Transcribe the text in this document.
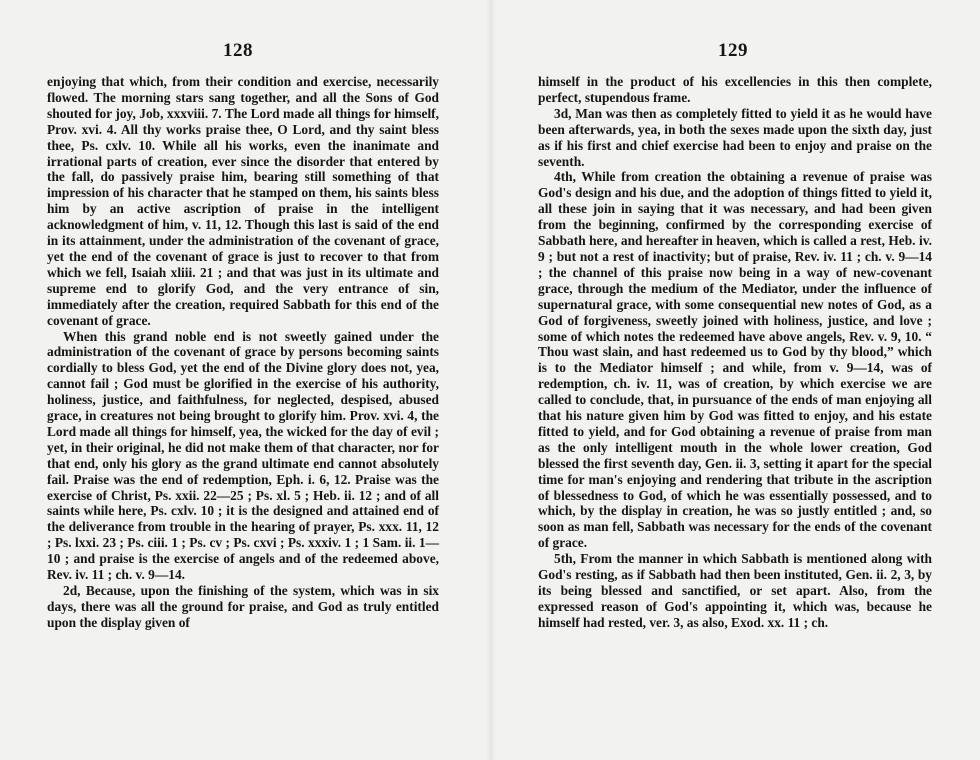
128

enjoying that which, from their condition and exercise, necessarily flowed. The morning stars sang together, and all the Sons of God shouted for joy, Job, xxxviii. 7. The Lord made all things for himself, Prov. xvi. 4. All thy works praise thee, O Lord, and thy saint bless thee, Ps. cxlv. 10. While all his works, even the inanimate and irrational parts of creation, ever since the disorder that entered by the fall, do passively praise him, bearing still something of that impression of his character that he stamped on them, his saints bless him by an active ascription of praise in the intelligent acknowledgment of him, v. 11, 12. Though this last is said of the end in its attainment, under the administration of the covenant of grace, yet the end of the covenant of grace is just to recover to that from which we fell, Isaiah xliii. 21 ; and that was just in its ultimate and supreme end to glorify God, and the very entrance of sin, immediately after the creation, required Sabbath for this end of the covenant of grace.

When this grand noble end is not sweetly gained under the administration of the covenant of grace by persons becoming saints cordially to bless God, yet the end of the Divine glory does not, yea, cannot fail ; God must be glorified in the exercise of his authority, holiness, justice, and faithfulness, for neglected, despised, abused grace, in creatures not being brought to glorify him. Prov. xvi. 4, the Lord made all things for himself, yea, the wicked for the day of evil ; yet, in their original, he did not make them of that character, nor for that end, only his glory as the grand ultimate end cannot absolutely fail. Praise was the end of redemption, Eph. i. 6, 12. Praise was the exercise of Christ, Ps. xxii. 22—25 ; Ps. xl. 5 ; Heb. ii. 12 ; and of all saints while here, Ps. cxlv. 10 ; it is the designed and attained end of the deliverance from trouble in the hearing of prayer, Ps. xxx. 11, 12 ; Ps. lxxi. 23 ; Ps. ciii. 1 ; Ps. cv ; Ps. cxvi ; Ps. xxxiv. 1 ; 1 Sam. ii. 1—10 ; and praise is the exercise of angels and of the redeemed above, Rev. iv. 11 ; ch. v. 9—14.

2d, Because, upon the finishing of the system, which was in six days, there was all the ground for praise, and God as truly entitled upon the display given of

129

himself in the product of his excellencies in this then complete, perfect, stupendous frame.

3d, Man was then as completely fitted to yield it as he would have been afterwards, yea, in both the sexes made upon the sixth day, just as if his first and chief exercise had been to enjoy and praise on the seventh.

4th, While from creation the obtaining a revenue of praise was God's design and his due, and the adoption of things fitted to yield it, all these join in saying that it was necessary, and had been given from the beginning, confirmed by the corresponding exercise of Sabbath here, and hereafter in heaven, which is called a rest, Heb. iv. 9 ; but not a rest of inactivity; but of praise, Rev. iv. 11 ; ch. v. 9—14 ; the channel of this praise now being in a way of new-covenant grace, through the medium of the Mediator, under the influence of supernatural grace, with some consequential new notes of God, as a God of forgiveness, sweetly joined with holiness, justice, and love ; some of which notes the redeemed have above angels, Rev. v. 9, 10. “ Thou wast slain, and hast redeemed us to God by thy blood,” which is to the Mediator himself ; and while, from v. 9—14, was of redemption, ch. iv. 11, was of creation, by which exercise we are called to conclude, that, in pursuance of the ends of man enjoying all that his nature given him by God was fitted to enjoy, and his estate fitted to yield, and for God obtaining a revenue of praise from man as the only intelligent mouth in the whole lower creation, God blessed the first seventh day, Gen. ii. 3, setting it apart for the special time for man's enjoying and rendering that tribute in the ascription of blessedness to God, of which he was essentially possessed, and to which, by the display in creation, he was so justly entitled ; and, so soon as man fell, Sabbath was necessary for the ends of the covenant of grace.

5th, From the manner in which Sabbath is mentioned along with God's resting, as if Sabbath had then been instituted, Gen. ii. 2, 3, by its being blessed and sanctified, or set apart. Also, from the expressed reason of God's appointing it, which was, because he himself had rested, ver. 3, as also, Exod. xx. 11 ; ch.
